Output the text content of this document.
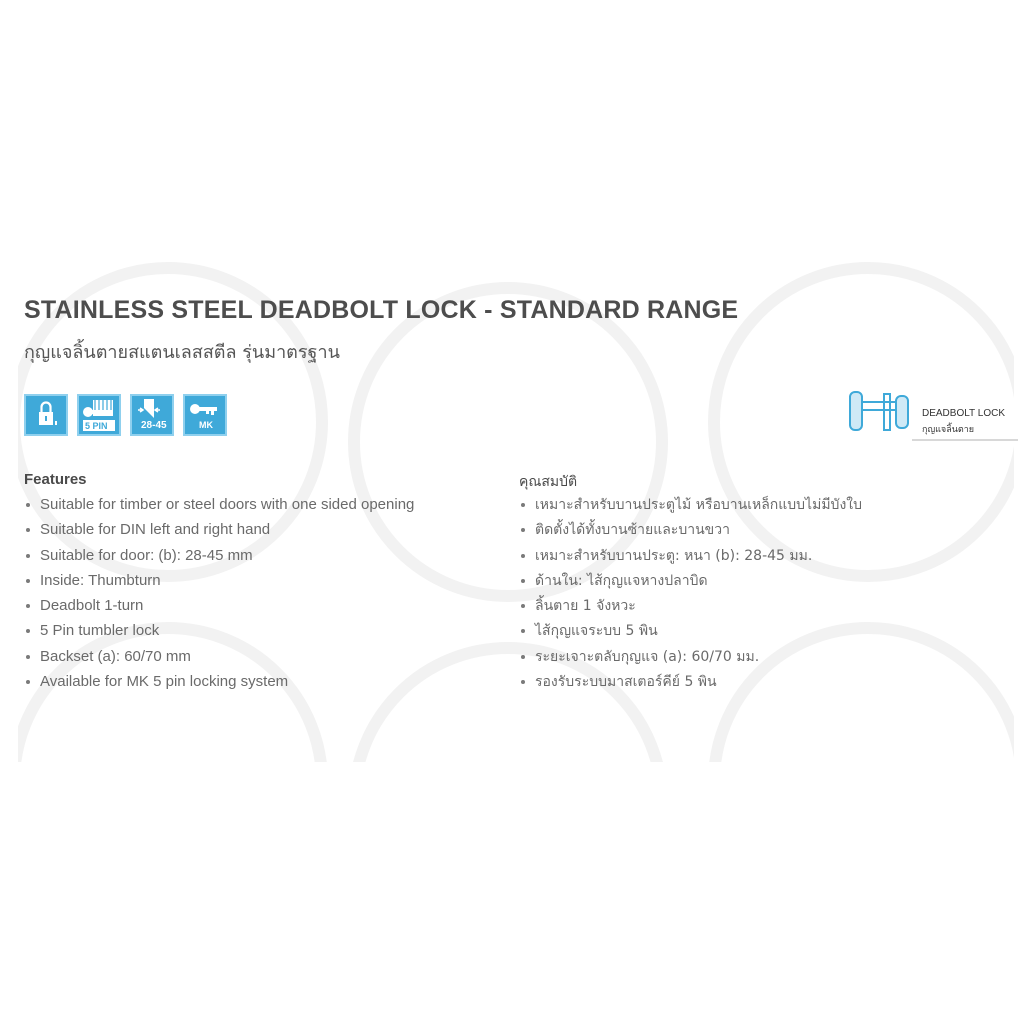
STAINLESS STEEL DEADBOLT LOCK - STANDARD RANGE
กุญแจลิ้นตายสแตนเลสสตีล รุ่นมาตรฐาน
5 PIN	28-45	MK
DEADBOLT LOCK
กุญแจลิ้นตาย
Features
Suitable for timber or steel doors with one sided opening
Suitable for DIN left and right hand
Suitable for door: (b): 28-45 mm
Inside: Thumbturn
Deadbolt 1-turn
5 Pin tumbler lock
Backset (a): 60/70 mm
Available for MK 5 pin locking system
คุณสมบัติ
เหมาะสำหรับบานประตูไม้ หรือบานเหล็กแบบไม่มีบังใบ
ติดตั้งได้ทั้งบานซ้ายและบานขวา
เหมาะสำหรับบานประตู: หนา (b): 28-45 มม.
ด้านใน: ไส้กุญแจหางปลาบิด
ลิ้นตาย 1 จังหวะ
ไส้กุญแจระบบ 5 พิน
ระยะเจาะตลับกุญแจ (a): 60/70 มม.
รองรับระบบมาสเตอร์คีย์ 5 พิน
